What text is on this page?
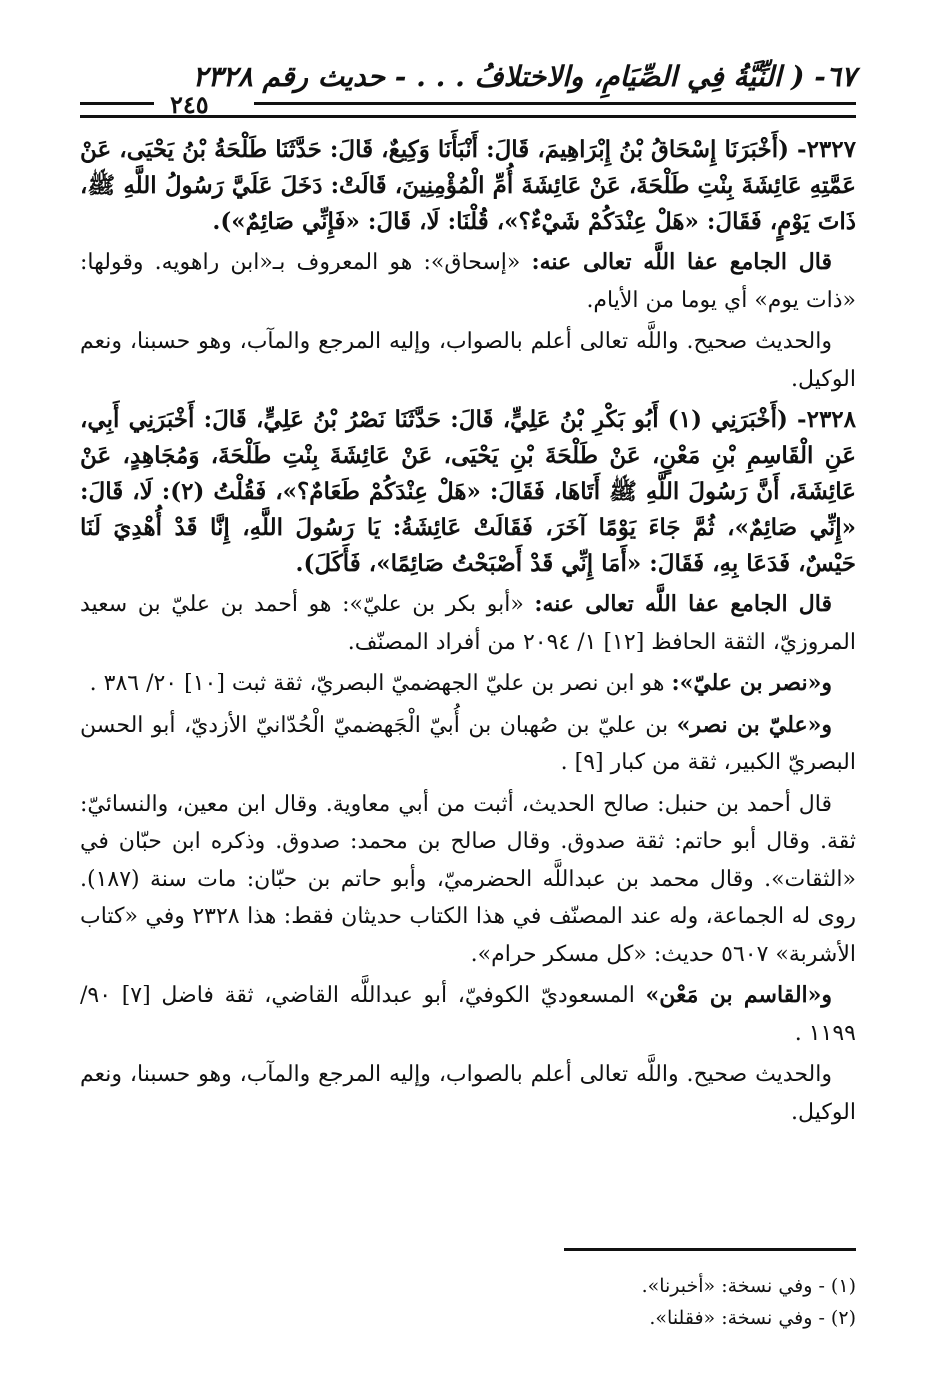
٦٧- ( النِّيَّةُ فِي الصِّيَامِ، والاختلافُ . . . - حديث رقم ٢٣٢٨
٢٤٥

٢٣٢٧- (أَخْبَرَنَا إِسْحَاقُ بْنُ إِبْرَاهِيمَ، قَالَ: أَنْبَأَنَا وَكِيعٌ، قَالَ: حَدَّثَنَا طَلْحَةُ بْنُ يَحْيَى، عَنْ عَمَّتِهِ عَائِشَةَ بِنْتِ طَلْحَةَ، عَنْ عَائِشَةَ أُمِّ الْمُؤْمِنِينَ، قَالَتْ: دَخَلَ عَلَيَّ رَسُولُ اللَّهِ ﷺ، ذَاتَ يَوْمٍ، فَقَالَ: «هَلْ عِنْدَكُمْ شَيْءٌ؟»، قُلْنَا: لَا، قَالَ: «فَإِنِّي صَائِمٌ»).

قال الجامع عفا اللَّه تعالى عنه: «إسحاق»: هو المعروف بـ«ابن راهويه. وقولها: «ذات يوم» أي يوما من الأيام.

والحديث صحيح. واللَّه تعالى أعلم بالصواب، وإليه المرجع والمآب، وهو حسبنا، ونعم الوكيل.

٢٣٢٨- (أَخْبَرَنِي (١) أَبُو بَكْرِ بْنُ عَلِيٍّ، قَالَ: حَدَّثَنَا نَصْرُ بْنُ عَلِيٍّ، قَالَ: أَخْبَرَنِي أَبِي، عَنِ الْقَاسِمِ بْنِ مَعْنٍ، عَنْ طَلْحَةَ بْنِ يَحْيَى، عَنْ عَائِشَةَ بِنْتِ طَلْحَةَ، وَمُجَاهِدٍ، عَنْ عَائِشَةَ، أَنَّ رَسُولَ اللَّهِ ﷺ أَتَاهَا، فَقَالَ: «هَلْ عِنْدَكُمْ طَعَامٌ؟»، فَقُلْتُ (٢): لَا، قَالَ: «إِنِّي صَائِمٌ»، ثُمَّ جَاءَ يَوْمًا آخَرَ، فَقَالَتْ عَائِشَةُ: يَا رَسُولَ اللَّهِ، إِنَّا قَدْ أُهْدِيَ لَنَا حَيْسٌ، فَدَعَا بِهِ، فَقَالَ: «أَمَا إِنِّي قَدْ أَصْبَحْتُ صَائِمًا»، فَأَكَلَ).

قال الجامع عفا اللَّه تعالى عنه: «أبو بكر بن عليّ»: هو أحمد بن عليّ بن سعيد المروزيّ، الثقة الحافظ [١٢] ١/ ٢٠٩٤ من أفراد المصنّف.

و«نصر بن عليّ»: هو ابن نصر بن عليّ الجهضميّ البصريّ، ثقة ثبت [١٠] ٢٠/ ٣٨٦ .

و«عليّ بن نصر» بن عليّ بن صُهبان بن أُبيّ الْجَهضميّ الْحُدّانيّ الأزديّ، أبو الحسن البصريّ الكبير، ثقة من كبار [٩] .

قال أحمد بن حنبل: صالح الحديث، أثبت من أبي معاوية. وقال ابن معين، والنسائيّ: ثقة. وقال أبو حاتم: ثقة صدوق. وقال صالح بن محمد: صدوق. وذكره ابن حبّان في «الثقات». وقال محمد بن عبداللَّه الحضرميّ، وأبو حاتم بن حبّان: مات سنة (١٨٧). روى له الجماعة، وله عند المصنّف في هذا الكتاب حديثان فقط: هذا ٢٣٢٨ وفي «كتاب الأشربة» ٥٦٠٧ حديث: «كل مسكر حرام».

و«القاسم بن مَعْن» المسعوديّ الكوفيّ، أبو عبداللَّه القاضي، ثقة فاضل [٧] ٩٠/ ١١٩٩ .

والحديث صحيح. واللَّه تعالى أعلم بالصواب، وإليه المرجع والمآب، وهو حسبنا، ونعم الوكيل.

(١) - وفي نسخة: «أخبرنا».

(٢) - وفي نسخة: «فقلنا».
